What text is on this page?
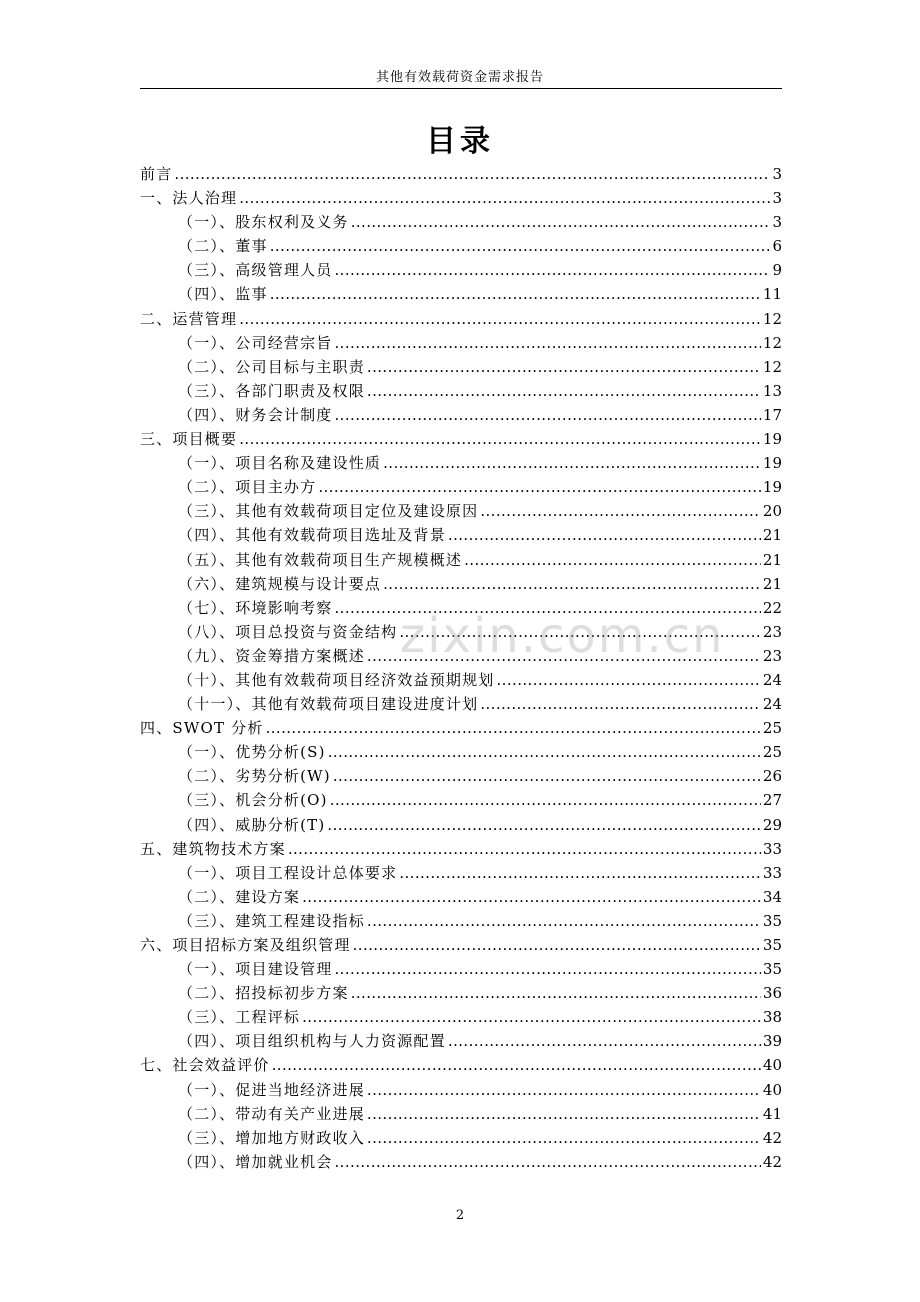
其他有效载荷资金需求报告
目录
前言 .....	3
一、法人治理 .....	3
（一）、股东权利及义务 .....	3
（二）、董事 .....	6
（三）、高级管理人员 .....	9
（四）、监事 .....	11
二、运营管理 .....	12
（一）、公司经营宗旨 .....	12
（二）、公司目标与主职责 .....	12
（三）、各部门职责及权限 .....	13
（四）、财务会计制度 .....	17
三、项目概要 .....	19
（一）、项目名称及建设性质 .....	19
（二）、项目主办方 .....	19
（三）、其他有效载荷项目定位及建设原因 .....	20
（四）、其他有效载荷项目选址及背景 .....	21
（五）、其他有效载荷项目生产规模概述 .....	21
（六）、建筑规模与设计要点 .....	21
（七）、环境影响考察 .....	22
（八）、项目总投资与资金结构 .....	23
（九）、资金筹措方案概述 .....	23
（十）、其他有效载荷项目经济效益预期规划 .....	24
（十一）、其他有效载荷项目建设进度计划 .....	24
四、SWOT 分析 .....	25
（一）、优势分析(S) .....	25
（二）、劣势分析(W) .....	26
（三）、机会分析(O) .....	27
（四）、威胁分析(T) .....	29
五、建筑物技术方案 .....	33
（一）、项目工程设计总体要求 .....	33
（二）、建设方案 .....	34
（三）、建筑工程建设指标 .....	35
六、项目招标方案及组织管理 .....	35
（一）、项目建设管理 .....	35
（二）、招投标初步方案 .....	36
（三）、工程评标 .....	38
（四）、项目组织机构与人力资源配置 .....	39
七、社会效益评价 .....	40
（一）、促进当地经济进展 .....	40
（二）、带动有关产业进展 .....	41
（三）、增加地方财政收入 .....	42
（四）、增加就业机会 .....	42
zixin.com.cn
2
